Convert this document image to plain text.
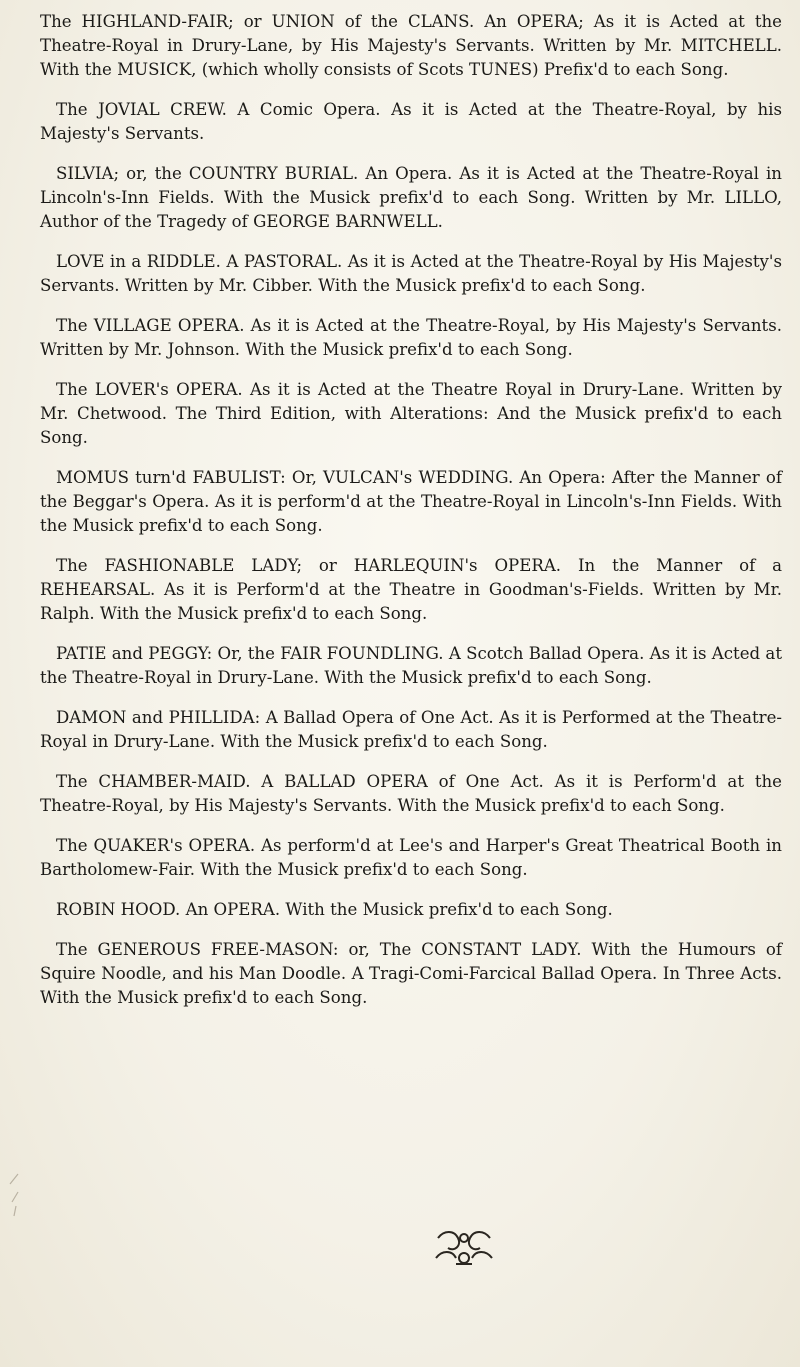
The HIGHLAND-FAIR; or UNION of the CLANS. An OPERA; As it is Acted at the Theatre-Royal in Drury-Lane, by His Majesty's Servants. Written by Mr. MITCHELL. With the MUSICK, (which wholly consists of Scots TUNES) Prefix'd to each Song.

The JOVIAL CREW. A Comic Opera. As it is Acted at the Theatre-Royal, by his Majesty's Servants.

SILVIA; or, the COUNTRY BURIAL. An Opera. As it is Acted at the Theatre-Royal in Lincoln's-Inn Fields. With the Musick prefix'd to each Song. Written by Mr. LILLO, Author of the Tragedy of GEORGE BARNWELL.

LOVE in a RIDDLE. A PASTORAL. As it is Acted at the Theatre-Royal by His Majesty's Servants. Written by Mr. Cibber. With the Musick prefix'd to each Song.

The VILLAGE OPERA. As it is Acted at the Theatre-Royal, by His Majesty's Servants. Written by Mr. Johnson. With the Musick prefix'd to each Song.

The LOVER's OPERA. As it is Acted at the Theatre Royal in Drury-Lane. Written by Mr. Chetwood. The Third Edition, with Alterations: And the Musick prefix'd to each Song.

MOMUS turn'd FABULIST: Or, VULCAN's WEDDING. An Opera: After the Manner of the Beggar's Opera. As it is perform'd at the Theatre-Royal in Lincoln's-Inn Fields. With the Musick prefix'd to each Song.

The FASHIONABLE LADY; or HARLEQUIN's OPERA. In the Manner of a REHEARSAL. As it is Perform'd at the Theatre in Goodman's-Fields. Written by Mr. Ralph. With the Musick prefix'd to each Song.

PATIE and PEGGY: Or, the FAIR FOUNDLING. A Scotch Ballad Opera. As it is Acted at the Theatre-Royal in Drury-Lane. With the Musick prefix'd to each Song.

DAMON and PHILLIDA: A Ballad Opera of One Act. As it is Performed at the Theatre-Royal in Drury-Lane. With the Musick prefix'd to each Song.

The CHAMBER-MAID. A BALLAD OPERA of One Act. As it is Perform'd at the Theatre-Royal, by His Majesty's Servants. With the Musick prefix'd to each Song.

The QUAKER's OPERA. As perform'd at Lee's and Harper's Great Theatrical Booth in Bartholomew-Fair. With the Musick prefix'd to each Song.

ROBIN HOOD. An OPERA. With the Musick prefix'd to each Song.

The GENEROUS FREE-MASON: or, The CONSTANT LADY. With the Humours of Squire Noodle, and his Man Doodle. A Tragi-Comi-Farcical Ballad Opera. In Three Acts. With the Musick prefix'd to each Song.
